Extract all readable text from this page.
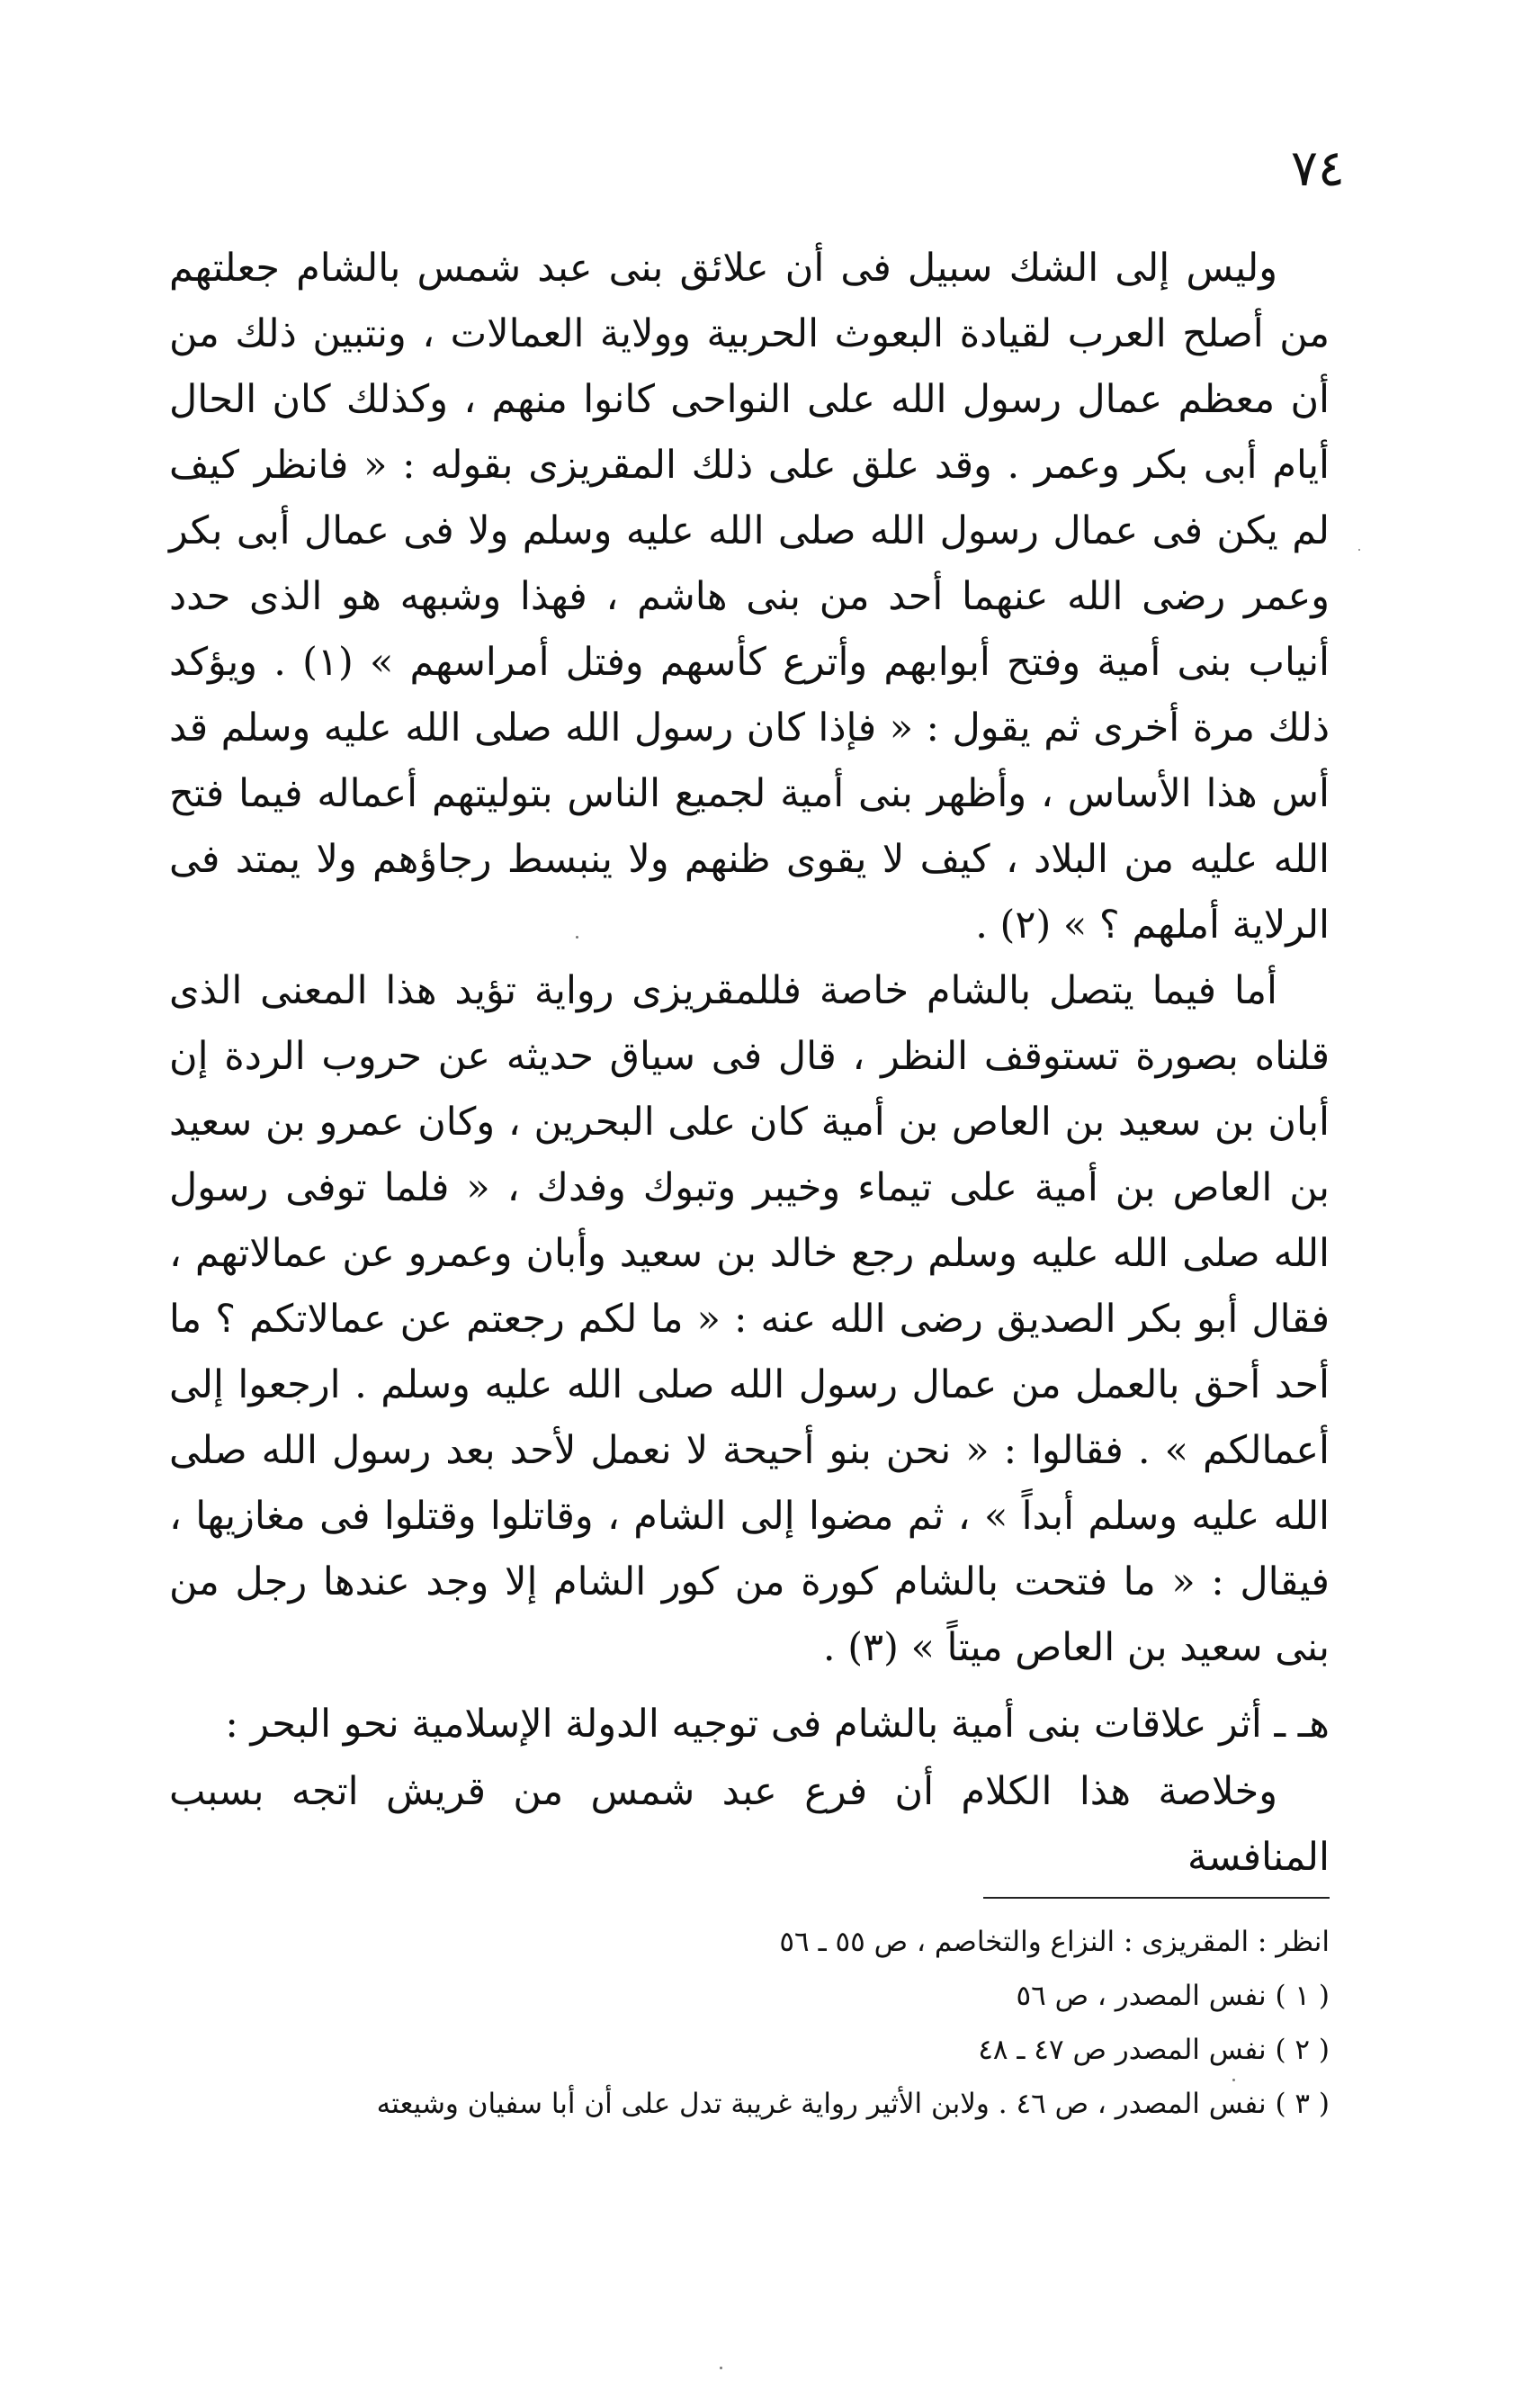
٧٤

وليس إلى الشك سبيل فى أن علائق بنى عبد شمس بالشام جعلتهم من أصلح العرب لقيادة البعوث الحربية وولاية العمالات ، ونتبين ذلك من أن معظم عمال رسول الله على النواحى كانوا منهم ، وكذلك كان الحال أيام أبى بكر وعمر . وقد علق على ذلك المقريزى بقوله : « فانظر كيف لم يكن فى عمال رسول الله صلى الله عليه وسلم ولا فى عمال أبى بكر وعمر رضى الله عنهما أحد من بنى هاشم ، فهذا وشبهه هو الذى حدد أنياب بنى أمية وفتح أبوابهم وأترع كأسهم وفتل أمراسهم » (١) . ويؤكد ذلك مرة أخرى ثم يقول : « فإذا كان رسول الله صلى الله عليه وسلم قد أس هذا الأساس ، وأظهر بنى أمية لجميع الناس بتوليتهم أعماله فيما فتح الله عليه من البلاد ، كيف لا يقوى ظنهم ولا ينبسط رجاؤهم ولا يمتد فى الرلاية أملهم ؟ » (٢) .

أما فيما يتصل بالشام خاصة فللمقريزى رواية تؤيد هذا المعنى الذى قلناه بصورة تستوقف النظر ، قال فى سياق حديثه عن حروب الردة إن أبان بن سعيد بن العاص بن أمية كان على البحرين ، وكان عمرو بن سعيد بن العاص بن أمية على تيماء وخيبر وتبوك وفدك ، « فلما توفى رسول الله صلى الله عليه وسلم رجع خالد بن سعيد وأبان وعمرو عن عمالاتهم ، فقال أبو بكر الصديق رضى الله عنه : « ما لكم رجعتم عن عمالاتكم ؟ ما أحد أحق بالعمل من عمال رسول الله صلى الله عليه وسلم . ارجعوا إلى أعمالكم » . فقالوا : « نحن بنو أحيحة لا نعمل لأحد بعد رسول الله صلى الله عليه وسلم أبداً » ، ثم مضوا إلى الشام ، وقاتلوا وقتلوا فى مغازيها ، فيقال : « ما فتحت بالشام كورة من كور الشام إلا وجد عندها رجل من بنى سعيد بن العاص ميتاً » (٣) .

هـ ـ أثر علاقات بنى أمية بالشام فى توجيه الدولة الإسلامية نحو البحر :

وخلاصة هذا الكلام أن فرع عبد شمس من قريش اتجه بسبب المنافسة

انظر : المقريزى : النزاع والتخاصم ، ص ٥٥ ـ ٥٦
( ١ ) نفس المصدر ، ص ٥٦
( ٢ ) نفس المصدر ص ٤٧ ـ ٤٨
( ٣ ) نفس المصدر ، ص ٤٦ . ولابن الأثير رواية غريبة تدل على أن أبا سفيان وشيعته
